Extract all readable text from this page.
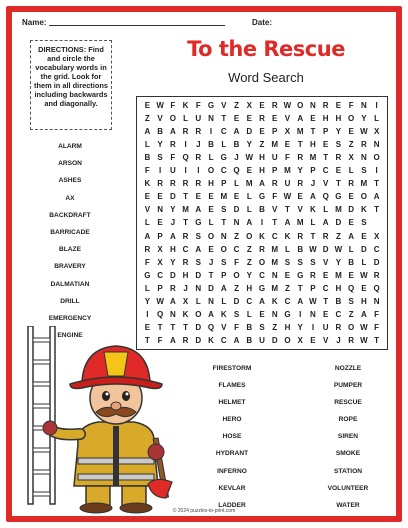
Name:	Date:
DIRECTIONS: Find and circle the vocabulary words in the grid. Look for them in all directions including backwards and diagonally.
To the Rescue
Word Search
E W F K F G V Z X E R W O N R E F N	I
Z V O L U N T E E R E V A E H H O Y L
A B A R R	I	C A D E P X M T P Y E W X
L Y R	I	J B L B Y Z M E T H E S Z R N
B S F Q R L G J W H U F R M T R X N O
F	I	U	I	I	O C Q E H P M Y P C E L S	I
K R R R R H P L M A R U R J V T R M T
E E D T E E M E L G F W E A Q G E O A
V N Y M A E S D L B V T V K L M D K T
L E J	T G L T N A	I	T A M L A D E S
A P A R S O N Z O K C K R T R Z A E X
R X H C A E O C Z R M L B W D W L D C
F X Y R S J S F Z O M S S S V Y B L D
G C D H D T P O Y C N E G R E M E W R
L P R J N D A Z H G M Z T P C H Q E Q
Y W A X L N L D C A K C A W T B S H N
I	Q N K O A K S L E N G	I	N E C Z A F
E T T T D Q V F B S Z H Y	I	U R O W F
T F A R D K C A B U D O X E V J R W T
ALARM
ARSON
ASHES
AX
BACKDRAFT
BARRICADE
BLAZE
BRAVERY
DALMATIAN
DRILL
EMERGENCY
ENGINE
FIRESTORM
FLAMES
HELMET
HERO
HOSE
HYDRANT
INFERNO
KEVLAR
LADDER
NOZZLE
PUMPER
RESCUE
ROPE
SIREN
SMOKE
STATION
VOLUNTEER
WATER
© 2024 puzzles-to-print.com
